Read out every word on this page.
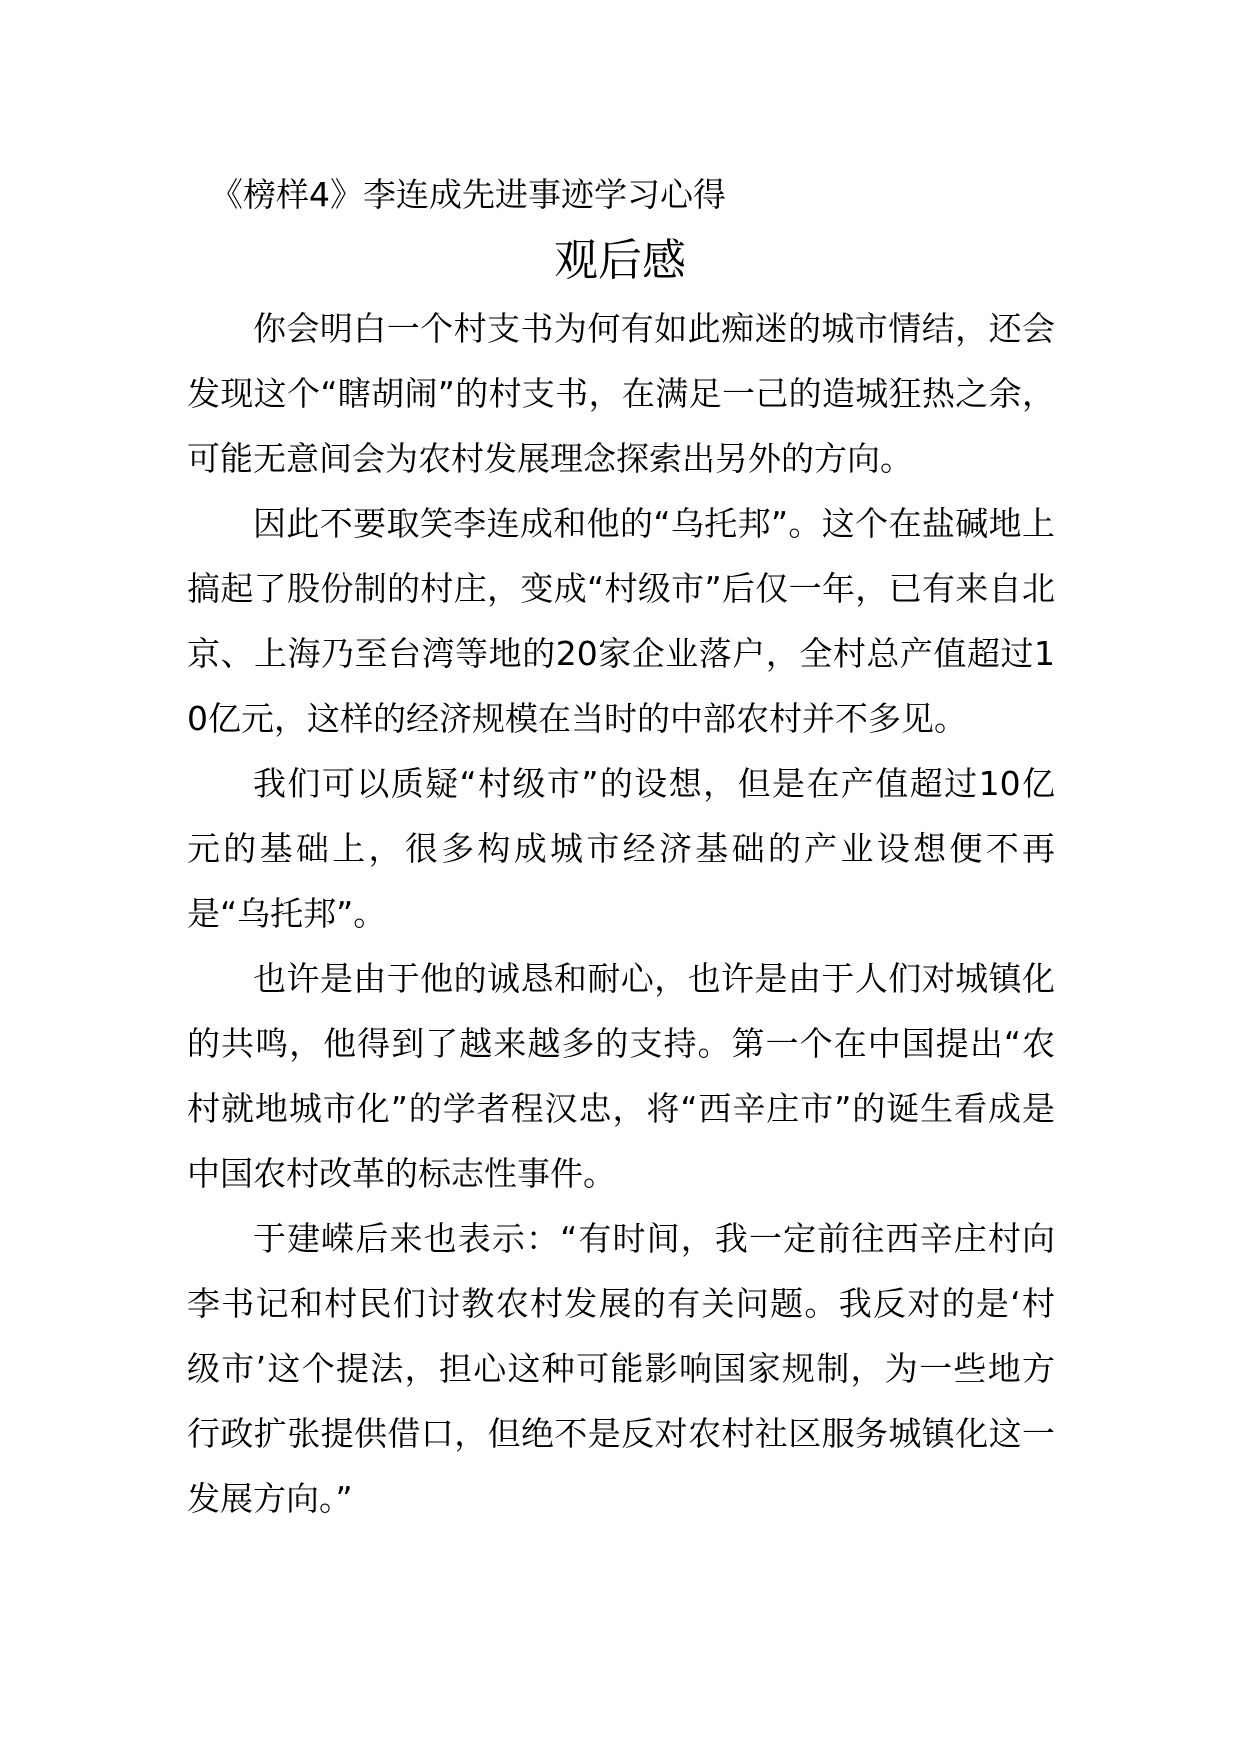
《榜样4》李连成先进事迹学习心得
观后感

你会明白一个村支书为何有如此痴迷的城市情结，还会发现这个“瞎胡闹”的村支书，在满足一己的造城狂热之余，可能无意间会为农村发展理念探索出另外的方向。

因此不要取笑李连成和他的“乌托邦”。这个在盐碱地上搞起了股份制的村庄，变成“村级市”后仅一年，已有来自北京、上海乃至台湾等地的20家企业落户，全村总产值超过10亿元，这样的经济规模在当时的中部农村并不多见。

我们可以质疑“村级市”的设想，但是在产值超过10亿元的基础上，很多构成城市经济基础的产业设想便不再是“乌托邦”。

也许是由于他的诚恳和耐心，也许是由于人们对城镇化的共鸣，他得到了越来越多的支持。第一个在中国提出“农村就地城市化”的学者程汉忠，将“西辛庄市”的诞生看成是中国农村改革的标志性事件。

于建嵘后来也表示：“有时间，我一定前往西辛庄村向李书记和村民们讨教农村发展的有关问题。我反对的是‘村级市’这个提法，担心这种可能影响国家规制，为一些地方行政扩张提供借口，但绝不是反对农村社区服务城镇化这一发展方向。”
